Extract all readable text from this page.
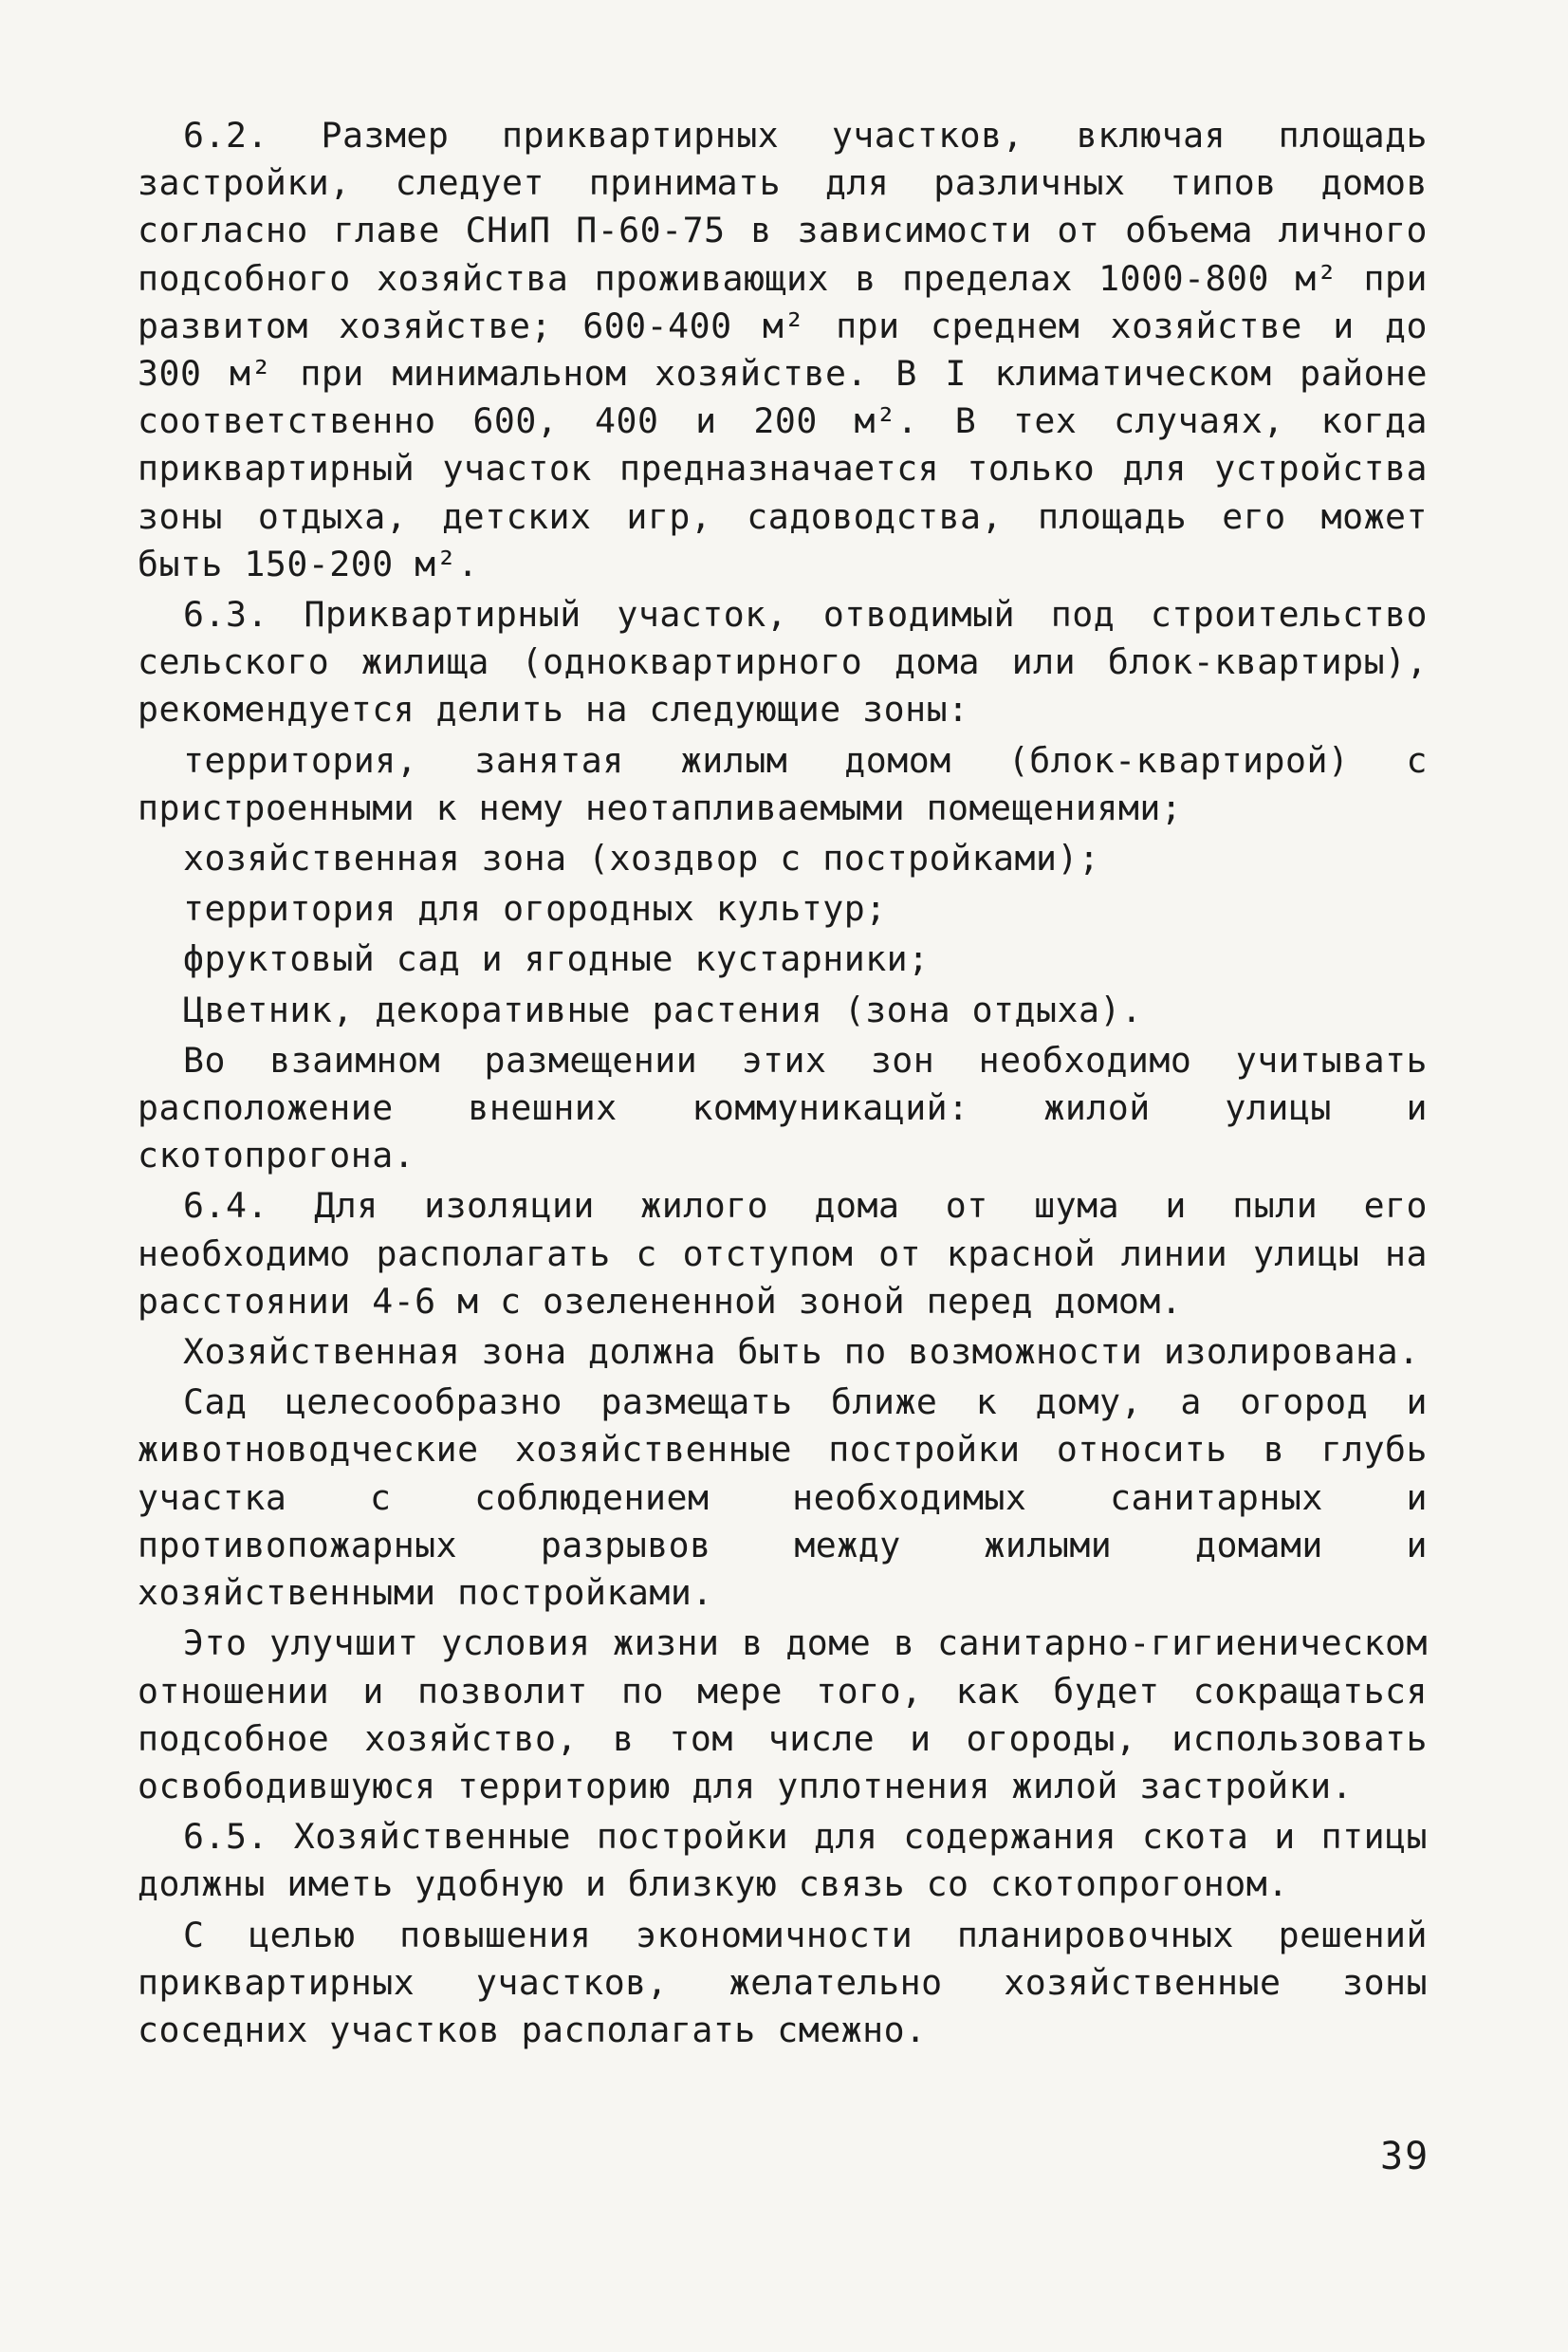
6.2. Размер приквартирных участков, включая площадь застройки, следует принимать для различных типов домов согласно главе СНиП П-60-75 в зависимости от объема личного подсобного хозяйства проживающих в пределах 1000-800 м² при развитом хозяйстве; 600-400 м² при среднем хозяйстве и до 300 м² при минимальном хозяйстве. В I климатическом районе соответственно 600, 400 и 200 м². В тех случаях, когда приквартирный участок предназначается только для устройства зоны отдыха, детских игр, садоводства, площадь его может быть 150-200 м².

6.3. Приквартирный участок, отводимый под строительство сельского жилища (одноквартирного дома или блок-квартиры), рекомендуется делить на следующие зоны:

территория, занятая жилым домом (блок-квартирой) с пристроенными к нему неотапливаемыми помещениями;

хозяйственная зона (хоздвор с постройками);

территория для огородных культур;

фруктовый сад и ягодные кустарники;

Цветник, декоративные растения (зона отдыха).

Во взаимном размещении этих зон необходимо учитывать расположение внешних коммуникаций: жилой улицы и скотопрогона.

6.4. Для изоляции жилого дома от шума и пыли его необходимо располагать с отступом от красной линии улицы на расстоянии 4-6 м с озелененной зоной перед домом.

Хозяйственная зона должна быть по возможности изолирована.

Сад целесообразно размещать ближе к дому, а огород и животноводческие хозяйственные постройки относить в глубь участка с соблюдением необходимых санитарных и противопожарных разрывов между жилыми домами и хозяйственными постройками.

Это улучшит условия жизни в доме в санитарно-гигиеническом отношении и позволит по мере того, как будет сокращаться подсобное хозяйство, в том числе и огороды, использовать освободившуюся территорию для уплотнения жилой застройки.

6.5. Хозяйственные постройки для содержания скота и птицы должны иметь удобную и близкую связь со скотопрогоном.

С целью повышения экономичности планировочных решений приквартирных участков, желательно хозяйственные зоны соседних участков располагать смежно.

39
